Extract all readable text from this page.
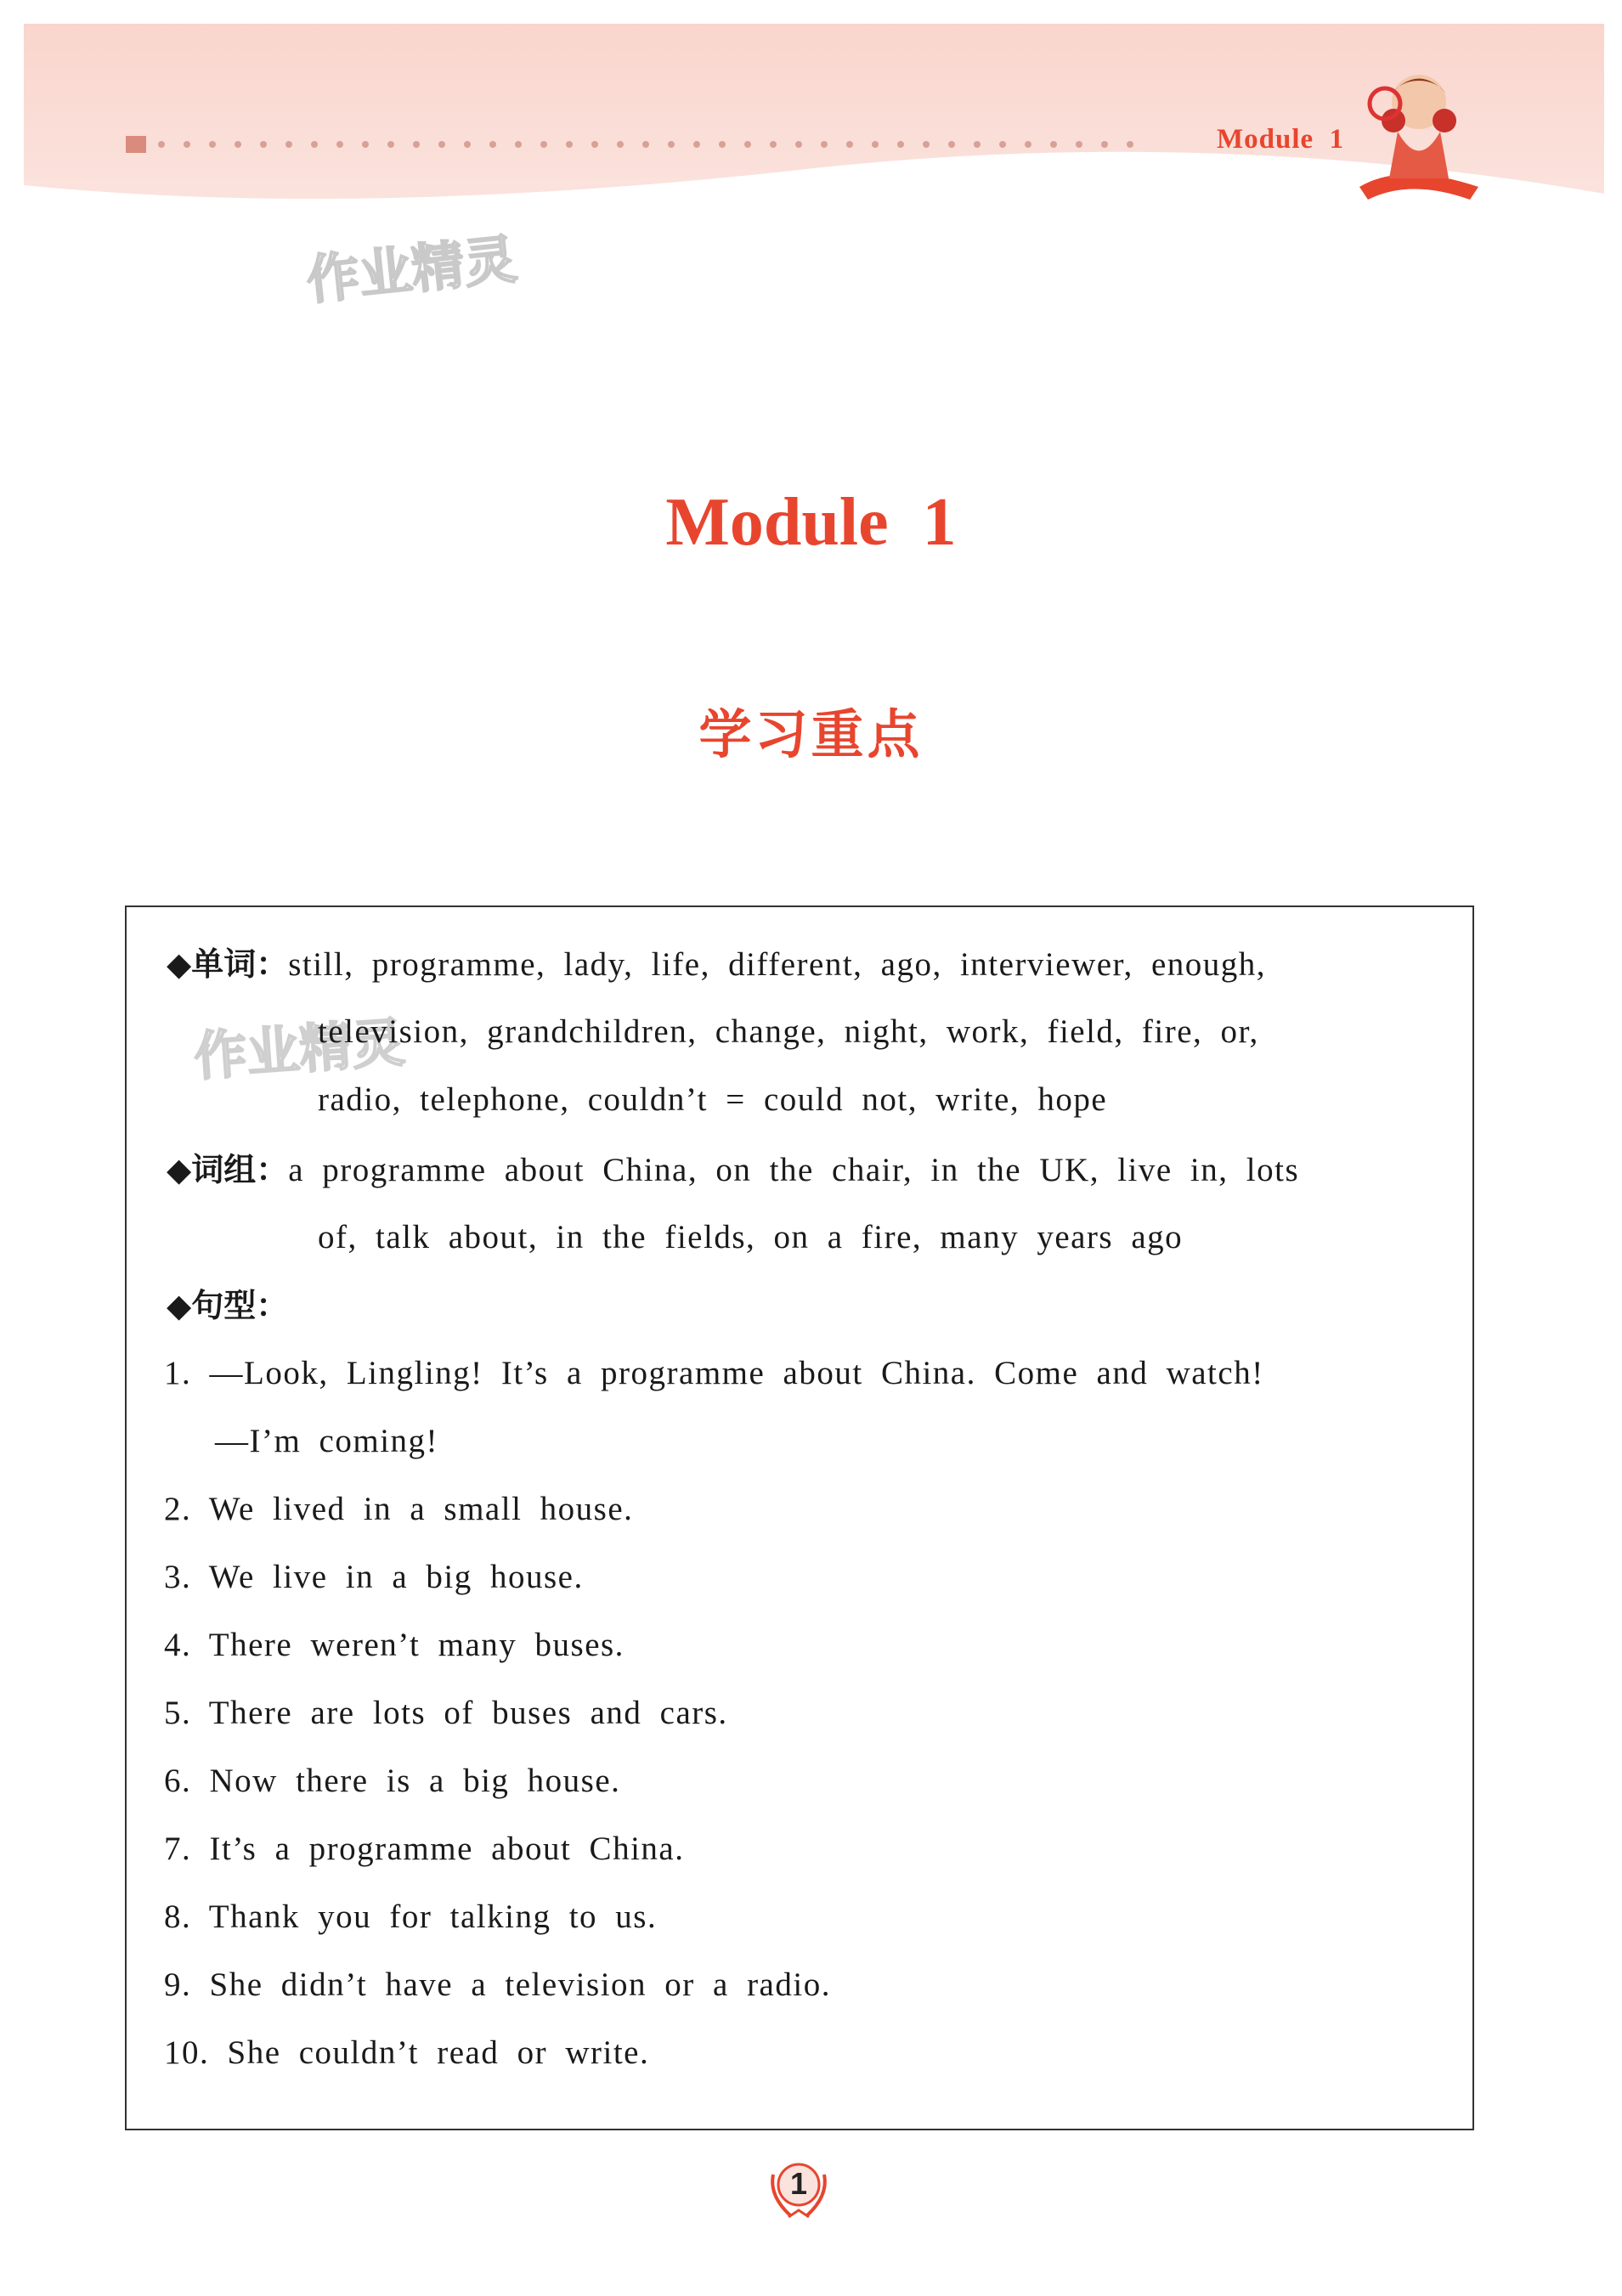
Module  1
作业精灵
Module  1
学习重点
作业精灵
◆单词：still, programme, lady, life, different, ago, interviewer, enough,
television, grandchildren, change, night, work, field, fire, or,
radio, telephone, couldn’t = could not, write, hope
◆词组：a programme about China, on the chair, in the UK, live in, lots
of, talk about, in the fields, on a fire, many years ago
◆句型：
1. —Look, Lingling! It’s a programme about China. Come and watch!
—I’m coming!
2. We lived in a small house.
3. We live in a big house.
4. There weren’t many buses.
5. There are lots of buses and cars.
6. Now there is a big house.
7. It’s a programme about China.
8. Thank you for talking to us.
9. She didn’t have a television or a radio.
10. She couldn’t read or write.
1
